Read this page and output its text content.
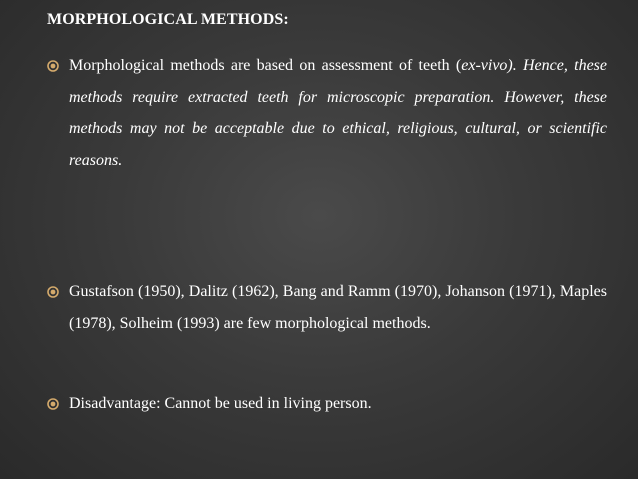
MORPHOLOGICAL METHODS:
Morphological methods are based on assessment of teeth (ex-vivo). Hence, these methods require extracted teeth for microscopic preparation. However, these methods may not be acceptable due to ethical, religious, cultural, or scientific reasons.
Gustafson (1950), Dalitz (1962), Bang and Ramm (1970), Johanson (1971), Maples (1978), Solheim (1993) are few morphological methods.
Disadvantage: Cannot be used in living person.
